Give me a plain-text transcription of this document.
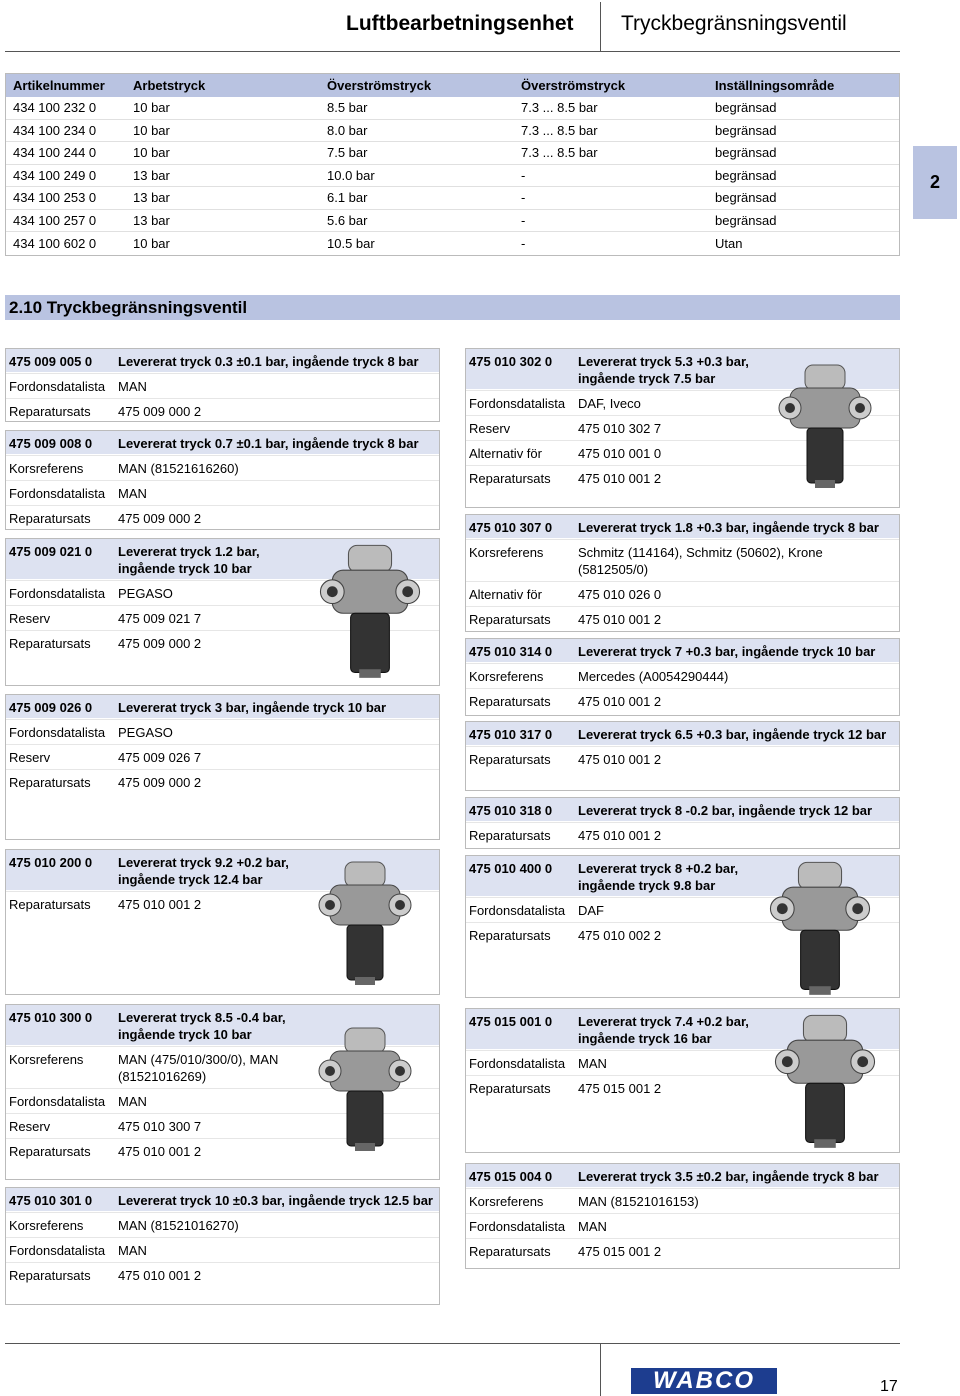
Luftbearbetningsenhet Tryckbegränsningsventil
Artikelnummer	Arbetstryck	Överströmstryck	Överströmstryck	Inställningsområde
434 100 232 0	10 bar	8.5 bar	7.3 ... 8.5 bar	begränsad
434 100 234 0	10 bar	8.0 bar	7.3 ... 8.5 bar	begränsad
434 100 244 0	10 bar	7.5 bar	7.3 ... 8.5 bar	begränsad
434 100 249 0	13 bar	10.0 bar	-	begränsad
434 100 253 0	13 bar	6.1 bar	-	begränsad
434 100 257 0	13 bar	5.6 bar	-	begränsad
434 100 602 0	10 bar	10.5 bar	-	Utan
2
2.10 Tryckbegränsningsventil
475 009 005 0	Levererat tryck 0.3 ±0.1 bar, ingående tryck 8 bar
Fordonsdatalista MAN
Reparatursats	475 009 000 2
475 009 008 0	Levererat tryck 0.7 ±0.1 bar, ingående tryck 8 bar
Korsreferens	MAN (81521616260)
Fordonsdatalista MAN
Reparatursats	475 009 000 2
475 009 021 0	Levererat tryck 1.2 bar, ingående tryck 10 bar
Fordonsdatalista PEGASO
Reserv	475 009 021 7
Reparatursats	475 009 000 2
475 009 026 0	Levererat tryck 3 bar, ingående tryck 10 bar
Fordonsdatalista PEGASO
Reserv	475 009 026 7
Reparatursats	475 009 000 2
475 010 200 0	Levererat tryck 9.2 +0.2 bar, ingående tryck 12.4 bar
Reparatursats	475 010 001 2
475 010 300 0	Levererat tryck 8.5 -0.4 bar, ingående tryck 10 bar
Korsreferens	MAN (475/010/300/0), MAN (81521016269)
Fordonsdatalista MAN
Reserv	475 010 300 7
Reparatursats	475 010 001 2
475 010 301 0	Levererat tryck 10 ±0.3 bar, ingående tryck 12.5 bar
Korsreferens	MAN (81521016270)
Fordonsdatalista MAN
Reparatursats	475 010 001 2
475 010 302 0	Levererat tryck 5.3 +0.3 bar, ingående tryck 7.5 bar
Fordonsdatalista DAF, Iveco
Reserv	475 010 302 7
Alternativ för	475 010 001 0
Reparatursats	475 010 001 2
475 010 307 0	Levererat tryck 1.8 +0.3 bar, ingående tryck 8 bar
Korsreferens	Schmitz (114164), Schmitz (50602), Krone (5812505/0)
Alternativ för	475 010 026 0
Reparatursats	475 010 001 2
475 010 314 0	Levererat tryck 7 +0.3 bar, ingående tryck 10 bar
Korsreferens	Mercedes (A0054290444)
Reparatursats	475 010 001 2
475 010 317 0	Levererat tryck 6.5 +0.3 bar, ingående tryck 12 bar
Reparatursats	475 010 001 2
475 010 318 0	Levererat tryck 8 -0.2 bar, ingående tryck 12 bar
Reparatursats	475 010 001 2
475 010 400 0	Levererat tryck 8 +0.2 bar, ingående tryck 9.8 bar
Fordonsdatalista DAF
Reparatursats	475 010 002 2
475 015 001 0	Levererat tryck 7.4 +0.2 bar, ingående tryck 16 bar
Fordonsdatalista MAN
Reparatursats	475 015 001 2
475 015 004 0	Levererat tryck 3.5 ±0.2 bar, ingående tryck 8 bar
Korsreferens	MAN (81521016153)
Fordonsdatalista MAN
Reparatursats	475 015 001 2
WABCO	17
